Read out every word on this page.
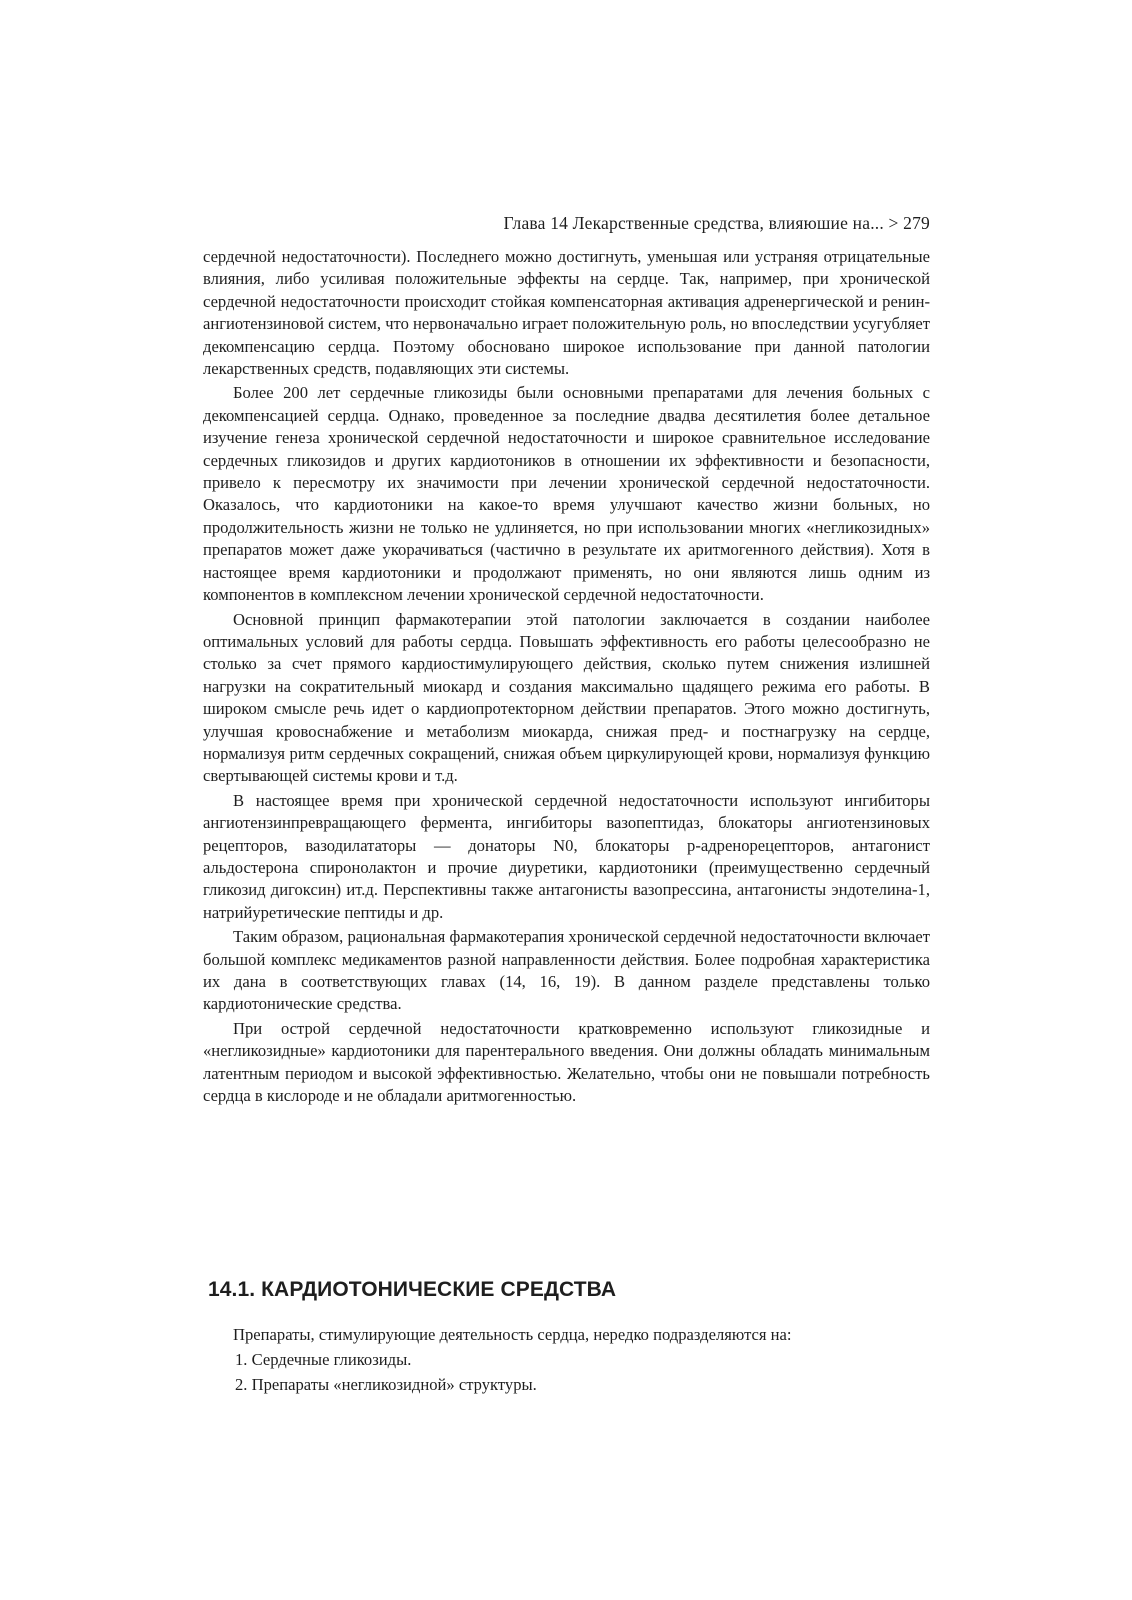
Глава 14 Лекарственные средства, влияюшие на... > 279

сердечной недостаточности). Последнего можно достигнуть, уменьшая или устраняя отрицательные влияния, либо усиливая положительные эффекты на сердце. Так, например, при хронической сердечной недостаточности происходит стойкая компенсаторная активация адренергической и ренин-ангиотензиновой систем, что нервоначально играет положительную роль, но впоследствии усугубляет декомпенсацию сердца. Поэтому обосновано широкое использование при данной патологии лекарственных средств, подавляющих эти системы.

Более 200 лет сердечные гликозиды были основными препаратами для лечения больных с декомпенсацией сердца. Однако, проведенное за последние двадва десятилетия более детальное изучение генеза хронической сердечной недостаточности и широкое сравнительное исследование сердечных гликозидов и других кардиотоников в отношении их эффективности и безопасности, привело к пересмотру их значимости при лечении хронической сердечной недостаточности. Оказалось, что кардиотоники на какое-то время улучшают качество жизни больных, но продолжительность жизни не только не удлиняется, но при использовании многих «негликозидных» препаратов может даже укорачиваться (частично в результате их аритмогенного действия). Хотя в настоящее время кардиотоники и продолжают применять, но они являются лишь одним из компонентов в комплексном лечении хронической сердечной недостаточности.

Основной принцип фармакотерапии этой патологии заключается в создании наиболее оптимальных условий для работы сердца. Повышать эффективность его работы целесообразно не столько за счет прямого кардиостимулирующего действия, сколько путем снижения излишней нагрузки на сократительный миокард и создания максимально щадящего режима его работы. В широком смысле речь идет о кардиопротекторном действии препаратов. Этого можно достигнуть, улучшая кровоснабжение и метаболизм миокарда, снижая пред- и постнагрузку на сердце, нормализуя ритм сердечных сокращений, снижая объем циркулирующей крови, нормализуя функцию свертывающей системы крови и т.д.

В настоящее время при хронической сердечной недостаточности используют ингибиторы ангиотензинпревращающего фермента, ингибиторы вазопептидаз, блокаторы ангиотензиновых рецепторов, вазодилататоры — донаторы N0, блокаторы р-адренорецепторов, антагонист альдостерона спиронолактон и прочие диуретики, кардиотоники (преимущественно сердечный гликозид дигоксин) ит.д. Перспективны также антагонисты вазопрессина, антагонисты эндотелина-1, натрийуретические пептиды и др.

Таким образом, рациональная фармакотерапия хронической сердечной недостаточности включает большой комплекс медикаментов разной направленности действия. Более подробная характеристика их дана в соответствующих главах (14, 16, 19). В данном разделе представлены только кардиотонические средства.

При острой сердечной недостаточности кратковременно используют гликозидные и «негликозидные» кардиотоники для парентерального введения. Они должны обладать минимальным латентным периодом и высокой эффективностью. Желательно, чтобы они не повышали потребность сердца в кислороде и не обладали аритмогенностью.

14.1. КАРДИОТОНИЧЕСКИЕ СРЕДСТВА

Препараты, стимулирующие деятельность сердца, нередко подразделяются на:

1. Сердечные гликозиды.
2. Препараты «негликозидной» структуры.
